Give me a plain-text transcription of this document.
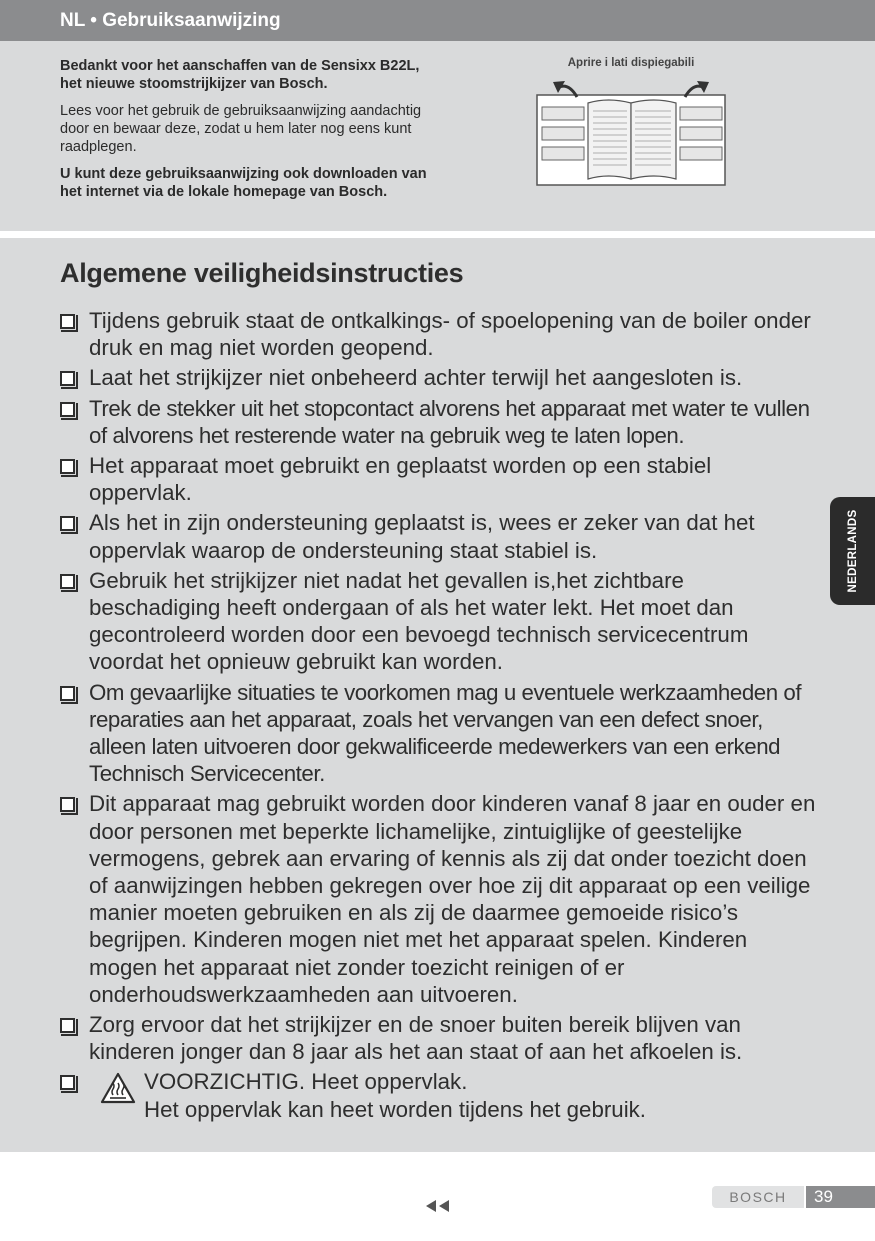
NL • Gebruiksaanwijzing

Bedankt voor het aanschaffen van de Sensixx B22L, het nieuwe stoomstrijkijzer van Bosch.

Lees voor het gebruik de gebruiksaanwijzing aandachtig door en bewaar deze, zodat u hem later nog eens kunt raadplegen.

U kunt deze gebruiksaanwijzing ook downloaden van het internet via de lokale homepage van Bosch.

Aprire i lati dispiegabili
Algemene veiligheidsinstructies
Tijdens gebruik staat de ontkalkings- of spoelopening van de boiler onder druk en mag niet worden geopend.
Laat het strijkijzer niet onbeheerd achter terwijl het aangesloten is.
Trek de stekker uit het stopcontact alvorens het apparaat met water te vullen of alvorens het resterende water na gebruik weg te laten lopen.
Het apparaat moet gebruikt en geplaatst worden op een stabiel oppervlak.
Als het in zijn ondersteuning geplaatst is, wees er zeker van dat het oppervlak waarop de ondersteuning staat stabiel is.
Gebruik het strijkijzer niet nadat het gevallen is,het zichtbare beschadiging heeft ondergaan of als het water lekt. Het moet dan gecontroleerd worden door een bevoegd technisch servicecentrum voordat het opnieuw gebruikt kan worden.
Om gevaarlijke situaties te voorkomen mag u eventuele werkzaamheden of reparaties aan het apparaat, zoals het vervangen van een defect snoer, alleen laten uitvoeren door gekwalificeerde medewerkers van een erkend Technisch Servicecenter.
Dit apparaat mag gebruikt worden door kinderen vanaf 8 jaar en ouder en door personen met beperkte lichamelijke, zintuiglijke of geestelijke vermogens, gebrek aan ervaring of kennis als zij dat onder toezicht doen of aanwijzingen hebben gekregen over hoe zij dit apparaat op een veilige manier moeten gebruiken en als zij de daarmee gemoeide risico’s begrijpen. Kinderen mogen niet met het apparaat spelen. Kinderen mogen het apparaat niet zonder toezicht reinigen of er onderhoudswerkzaamheden aan uitvoeren.
Zorg ervoor dat het strijkijzer en de snoer buiten bereik blijven van kinderen jonger dan 8 jaar als het aan staat of aan het afkoelen is.
VOORZICHTIG. Heet oppervlak.
Het oppervlak kan heet worden tijdens het gebruik.
NEDERLANDS
BOSCH	39
